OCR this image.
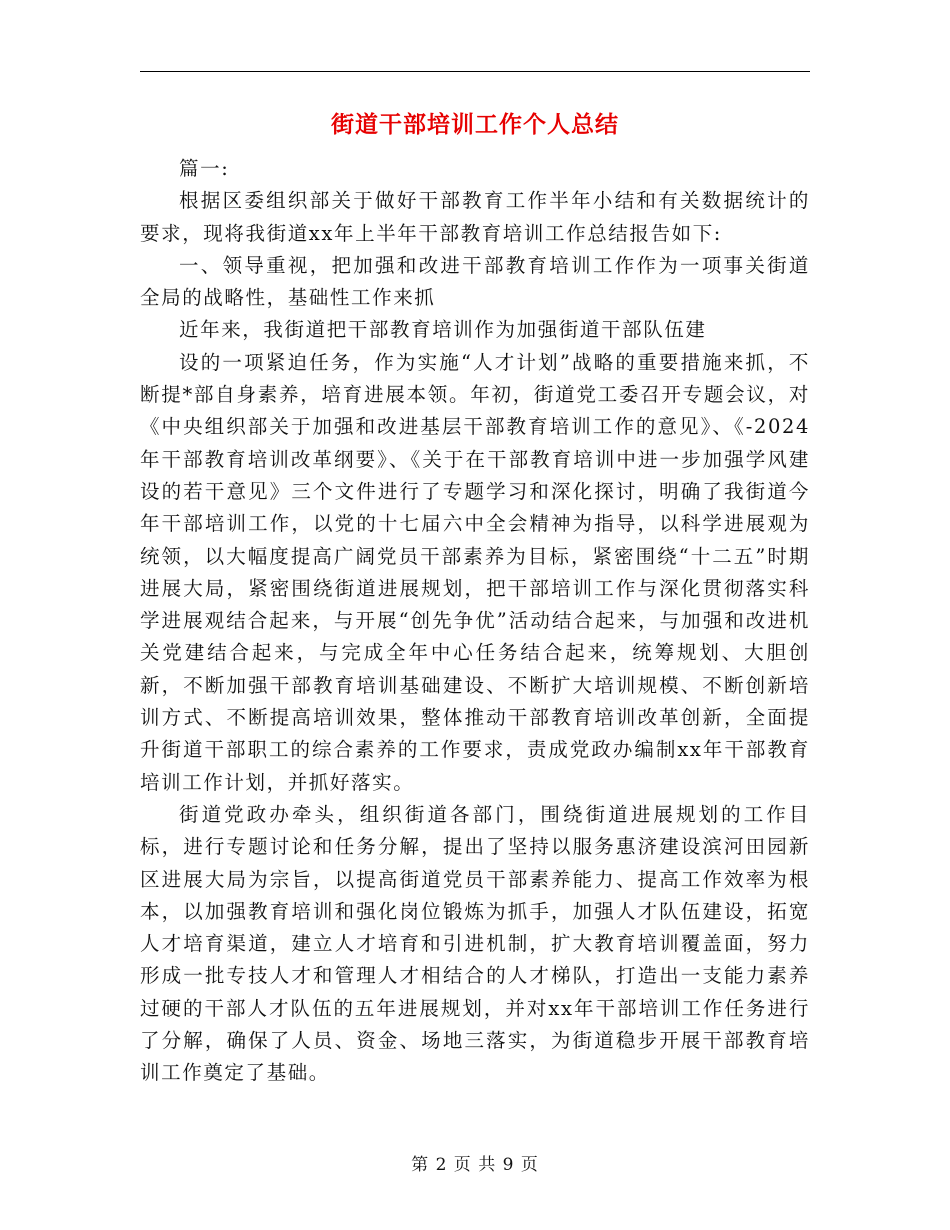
街道干部培训工作个人总结

篇一:

根据区委组织部关于做好干部教育工作半年小结和有关数据统计的要求，现将我街道xx年上半年干部教育培训工作总结报告如下:

一、领导重视，把加强和改进干部教育培训工作作为一项事关街道全局的战略性，基础性工作来抓

近年来，我街道把干部教育培训作为加强街道干部队伍建

设的一项紧迫任务，作为实施“人才计划”战略的重要措施来抓，不断提*部自身素养，培育进展本领。年初，街道党工委召开专题会议，对《中央组织部关于加强和改进基层干部教育培训工作的意见》、《-2024年干部教育培训改革纲要》、《关于在干部教育培训中进一步加强学风建设的若干意见》三个文件进行了专题学习和深化探讨，明确了我街道今年干部培训工作，以党的十七届六中全会精神为指导，以科学进展观为统领，以大幅度提高广阔党员干部素养为目标，紧密围绕“十二五”时期进展大局，紧密围绕街道进展规划，把干部培训工作与深化贯彻落实科学进展观结合起来，与开展“创先争优”活动结合起来，与加强和改进机关党建结合起来，与完成全年中心任务结合起来，统筹规划、大胆创新，不断加强干部教育培训基础建设、不断扩大培训规模、不断创新培训方式、不断提高培训效果，整体推动干部教育培训改革创新，全面提升街道干部职工的综合素养的工作要求，责成党政办编制xx年干部教育培训工作计划，并抓好落实。

街道党政办牵头，组织街道各部门，围绕街道进展规划的工作目标，进行专题讨论和任务分解，提出了坚持以服务惠济建设滨河田园新区进展大局为宗旨，以提高街道党员干部素养能力、提高工作效率为根本，以加强教育培训和强化岗位锻炼为抓手，加强人才队伍建设，拓宽人才培育渠道，建立人才培育和引进机制，扩大教育培训覆盖面，努力形成一批专技人才和管理人才相结合的人才梯队，打造出一支能力素养过硬的干部人才队伍的五年进展规划，并对xx年干部培训工作任务进行了分解，确保了人员、资金、场地三落实，为街道稳步开展干部教育培训工作奠定了基础。

第 2 页 共 9 页
